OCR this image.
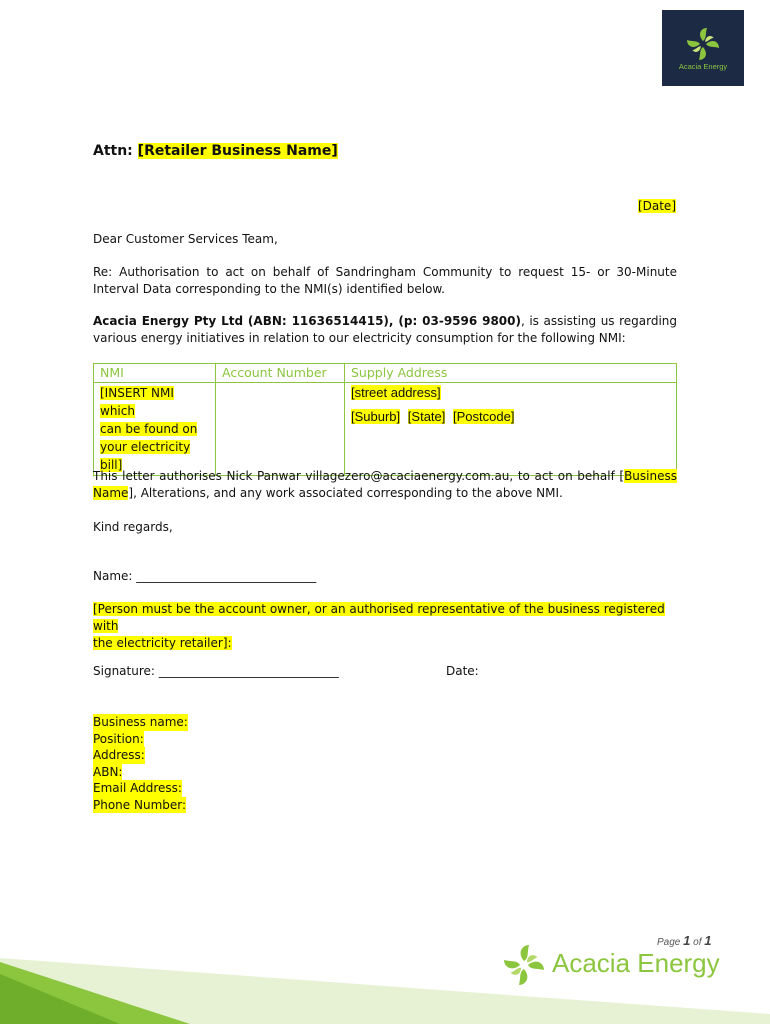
Acacia Energy
Attn: [Retailer Business Name]
[Date]
Dear Customer Services Team,
Re: Authorisation to act on behalf of Sandringham Community to request 15- or 30-Minute Interval Data corresponding to the NMI(s) identified below.
Acacia Energy Pty Ltd (ABN: 11636514415), (p: 03-9596 9800), is assisting us regarding various energy initiatives in relation to our electricity consumption for the following NMI:
NMI	Account Number	Supply Address
[INSERT NMI which
can be found on
your electricity bill]		[street address]
[Suburb] [State] [Postcode]
This letter authorises Nick Panwar villagezero@acaciaenergy.com.au, to act on behalf [Business Name], Alterations, and any work associated corresponding to the above NMI.
Kind regards,
Name: ______________________________
[Person must be the account owner, or an authorised representative of the business registered with
the electricity retailer]:
Signature: ______________________________	Date:
Business name:
Position:
Address:
ABN:
Email Address:
Phone Number:
Page 1 of 1
Acacia Energy
